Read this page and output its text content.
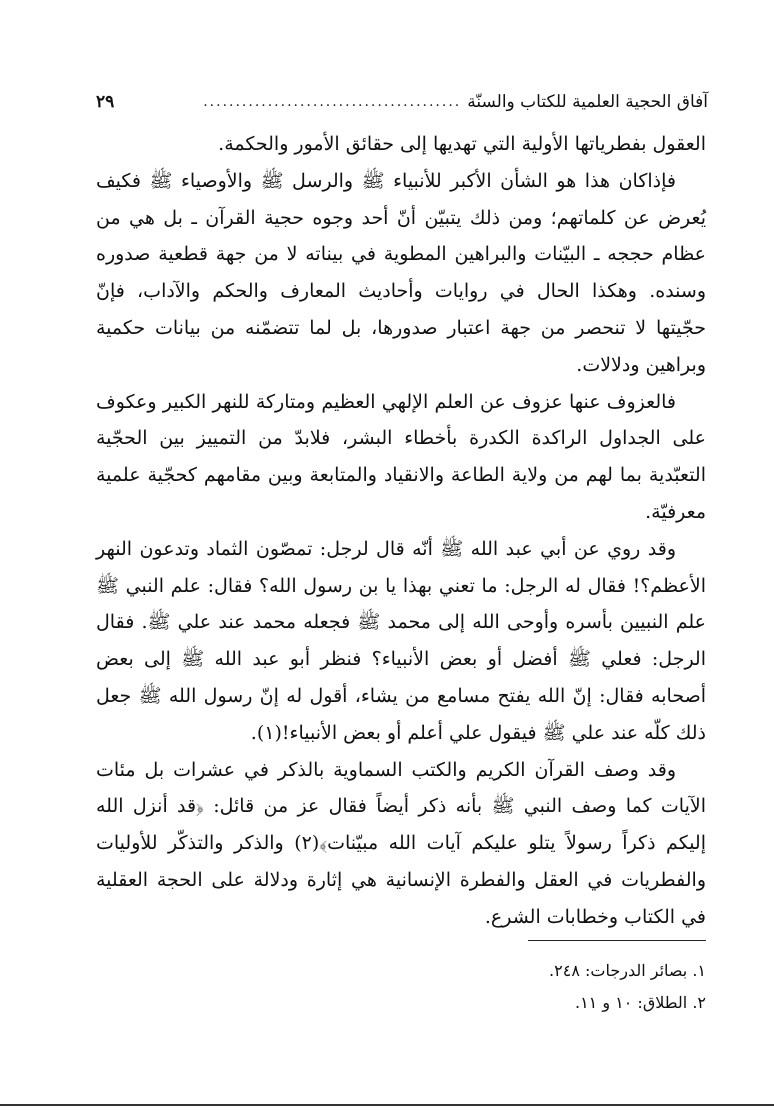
آفاق الحجية العلمية للكتاب والسنّة
........................................
٢٩

العقول بفطرياتها الأولية التي تهديها إلى حقائق الأمور والحكمة.

فإذاكان هذا هو الشأن الأكبر للأنبياء ﷺ والرسل ﷺ والأوصياء ﷺ فكيف يُعرض عن كلماتهم؛ ومن ذلك يتبيّن أنّ أحد وجوه حجية القرآن ـ بل هي من عظام حججه ـ البيّنات والبراهين المطوية في بيناته لا من جهة قطعية صدوره وسنده. وهكذا الحال في روايات وأحاديث المعارف والحكم والآداب، فإنّ حجّيتها لا تنحصر من جهة اعتبار صدورها، بل لما تتضمّنه من بيانات حكمية وبراهين ودلالات.

فالعزوف عنها عزوف عن العلم الإلهي العظيم ومتاركة للنهر الكبير وعكوف على الجداول الراكدة الكدرة بأخطاء البشر، فلابدّ من التمييز بين الحجّية التعبّدية بما لهم من ولاية الطاعة والانقياد والمتابعة وبين مقامهم كحجّية علمية معرفيّة.

وقد روي عن أبي عبد الله ﷺ أنّه قال لرجل: تمصّون الثماد وتدعون النهر الأعظم؟! فقال له الرجل: ما تعني بهذا يا بن رسول الله؟ فقال: علم النبي ﷺ علم النبيين بأسره وأوحى الله إلى محمد ﷺ فجعله محمد عند علي ﷺ. فقال الرجل: فعلي ﷺ أفضل أو بعض الأنبياء؟ فنظر أبو عبد الله ﷺ إلى بعض أصحابه فقال: إنّ الله يفتح مسامع من يشاء، أقول له إنّ رسول الله ﷺ جعل ذلك كلّه عند علي ﷺ فيقول علي أعلم أو بعض الأنبياء!(١).

وقد وصف القرآن الكريم والكتب السماوية بالذكر في عشرات بل مئات الآيات كما وصف النبي ﷺ بأنه ذكر أيضاً فقال عز من قائل: ﴿قد أنزل الله إليكم ذكراً رسولاً يتلو عليكم آيات الله مبيّنات﴾(٢) والذكر والتذكّر للأوليات والفطريات في العقل والفطرة الإنسانية هي إثارة ودلالة على الحجة العقلية في الكتاب وخطابات الشرع.

١. بصائر الدرجات: ٢٤٨.
٢. الطلاق: ١٠ و ١١.
